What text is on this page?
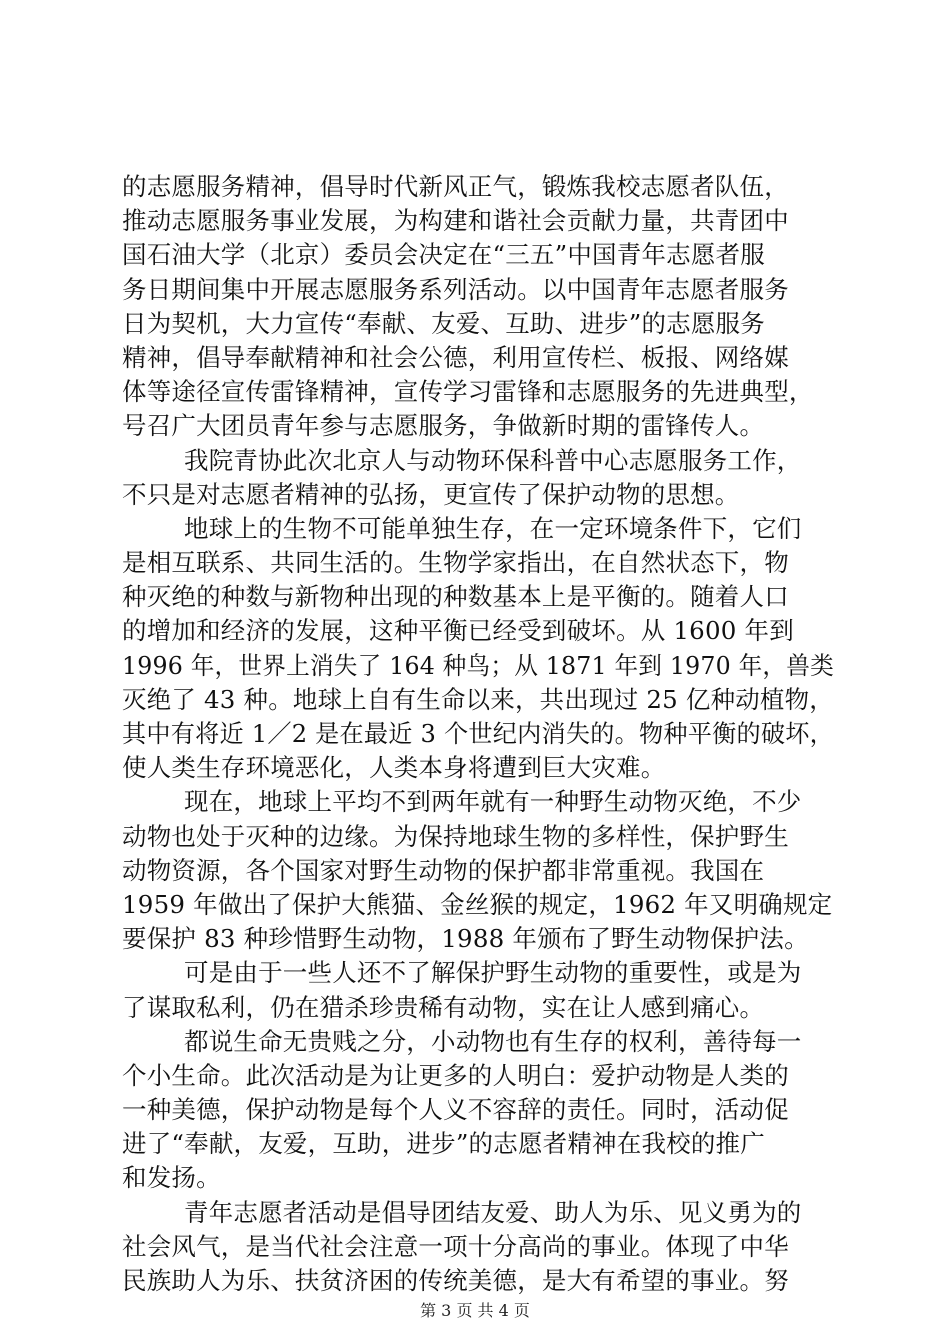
的志愿服务精神，倡导时代新风正气，锻炼我校志愿者队伍，
推动志愿服务事业发展，为构建和谐社会贡献力量，共青团中
国石油大学（北京）委员会决定在“三五”中国青年志愿者服
务日期间集中开展志愿服务系列活动。以中国青年志愿者服务
日为契机，大力宣传“奉献、友爱、互助、进步”的志愿服务
精神，倡导奉献精神和社会公德，利用宣传栏、板报、网络媒
体等途径宣传雷锋精神，宣传学习雷锋和志愿服务的先进典型，
号召广大团员青年参与志愿服务，争做新时期的雷锋传人。
我院青协此次北京人与动物环保科普中心志愿服务工作，
不只是对志愿者精神的弘扬，更宣传了保护动物的思想。
地球上的生物不可能单独生存，在一定环境条件下，它们
是相互联系、共同生活的。生物学家指出，在自然状态下，物
种灭绝的种数与新物种出现的种数基本上是平衡的。随着人口
的增加和经济的发展，这种平衡已经受到破坏。从 1600 年到
1996 年，世界上消失了 164 种鸟；从 1871 年到 1970 年，兽类
灭绝了 43 种。地球上自有生命以来，共出现过 25 亿种动植物，
其中有将近 1／2 是在最近 3 个世纪内消失的。物种平衡的破坏，
使人类生存环境恶化，人类本身将遭到巨大灾难。
现在，地球上平均不到两年就有一种野生动物灭绝，不少
动物也处于灭种的边缘。为保持地球生物的多样性，保护野生
动物资源，各个国家对野生动物的保护都非常重视。我国在
1959 年做出了保护大熊猫、金丝猴的规定，1962 年又明确规定
要保护 83 种珍惜野生动物，1988 年颁布了野生动物保护法。
可是由于一些人还不了解保护野生动物的重要性，或是为
了谋取私利，仍在猎杀珍贵稀有动物，实在让人感到痛心。
都说生命无贵贱之分，小动物也有生存的权利，善待每一
个小生命。此次活动是为让更多的人明白：爱护动物是人类的
一种美德，保护动物是每个人义不容辞的责任。同时，活动促
进了“奉献，友爱，互助，进步”的志愿者精神在我校的推广
和发扬。
青年志愿者活动是倡导团结友爱、助人为乐、见义勇为的
社会风气，是当代社会注意一项十分高尚的事业。体现了中华
民族助人为乐、扶贫济困的传统美德，是大有希望的事业。努
第 3 页 共 4 页
